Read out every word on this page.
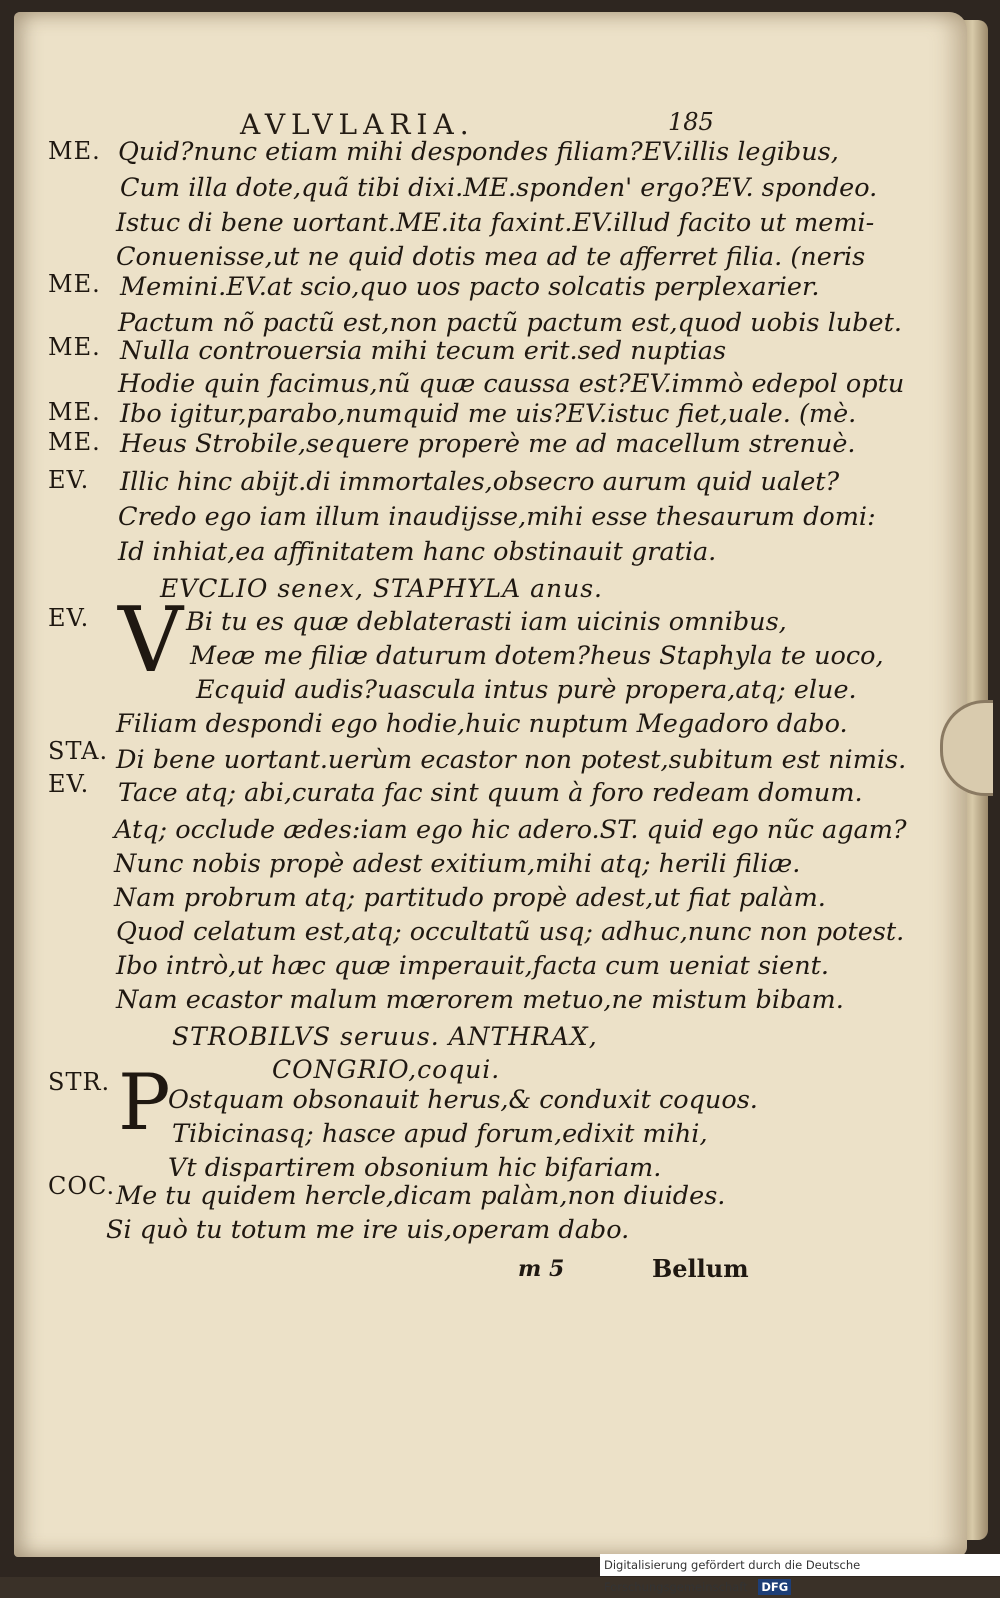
AVLVLARIA.	185
ME. Quid?nunc etiam mihi despondes filiam?EV.illis legibus,
Cum illa dote,quã tibi dixi.ME.sponden' ergo?EV. spondeo.
Istuc di bene uortant.ME.ita faxint.EV.illud facito ut memi-
Conuenisse,ut ne quid dotis mea ad te afferret filia. (neris
ME. Memini.EV.at scio,quo uos pacto solcatis perplexarier.
Pactum nõ pactũ est,non pactũ pactum est,quod uobis lubet.
ME. Nulla controuersia mihi tecum erit.sed nuptias
Hodie quin facimus,nũ quæ caussa est?EV.immò edepol optu
ME. Ibo igitur,parabo,numquid me uis?EV.istuc fiet,uale. (mè.
ME. Heus Strobile,sequere properè me ad macellum strenuè.
EV. Illic hinc abijt.di immortales,obsecro aurum quid ualet?
Credo ego iam illum inaudijsse,mihi esse thesaurum domi:
Id inhiat,ea affinitatem hanc obstinauit gratia.
EVCLIO senex, STAPHYLA anus.
EV. V Bi tu es quæ deblaterasti iam uicinis omnibus,
Meæ me filiæ daturum dotem?heus Staphyla te uoco,
Ecquid audis?uascula intus purè propera,atq; elue.
Filiam despondi ego hodie,huic nuptum Megadoro dabo.
STA. Di bene uortant.uerùm ecastor non potest,subitum est nimis.
EV. Tace atq; abi,curata fac sint quum à foro redeam domum.
Atq; occlude ædes:iam ego hic adero.ST. quid ego nũc agam?
Nunc nobis propè adest exitium,mihi atq; herili filiæ.
Nam probrum atq; partitudo propè adest,ut fiat palàm.
Quod celatum est,atq; occultatũ usq; adhuc,nunc non potest.
Ibo intrò,ut hæc quæ imperauit,facta cum ueniat sient.
Nam ecastor malum mœrorem metuo,ne mistum bibam.
STROBILVS seruus. ANTHRAX,
CONGRIO,coqui.
STR. P
Ostquam obsonauit herus,& conduxit coquos.
Tibicinasq; hasce apud forum,edixit mihi,
Vt dispartirem obsonium hic bifariam.
COC. Me tu quidem hercle,dicam palàm,non diuides.
Si quò tu totum me ire uis,operam dabo.
m 5	Bellum
Digitalisierung gefördert durch die Deutsche Forschungsgemeinschaft - DFG
